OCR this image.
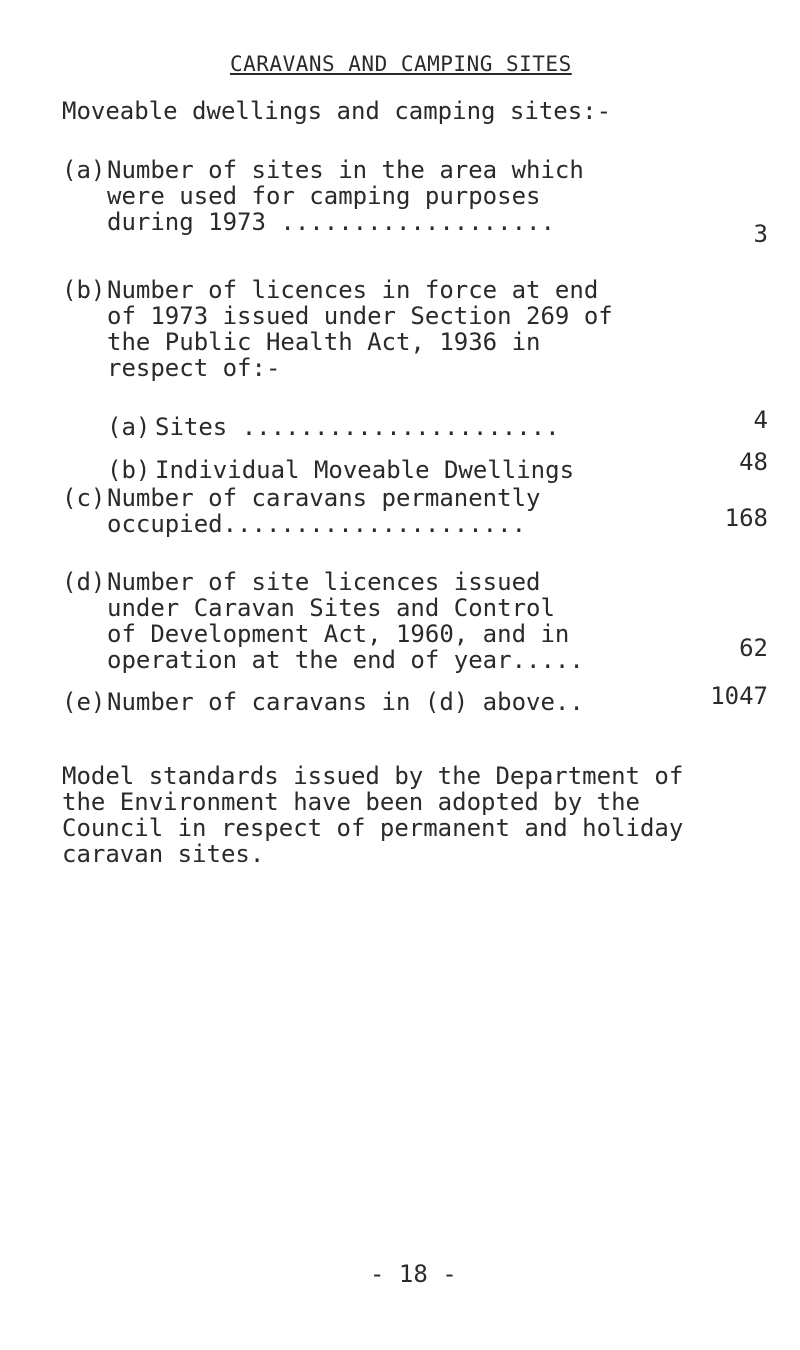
CARAVANS AND CAMPING SITES
Moveable dwellings and camping sites:-
(a) Number of sites in the area which
were used for camping purposes
during 1973 ...................	3
(b) Number of licences in force at end
of 1973 issued under Section 269 of
the Public Health Act, 1936 in
respect of:-
(a) Sites ......................	4
(b) Individual Moveable Dwellings	48
(c) Number of caravans permanently
occupied.....................	168
(d) Number of site licences issued
under Caravan Sites and Control
of Development Act, 1960, and in
operation at the end of year.....	62
(e) Number of caravans in (d) above..	1047
Model standards issued by the Department of
the Environment have been adopted by the
Council in respect of permanent and holiday
caravan sites.
- 18 -
